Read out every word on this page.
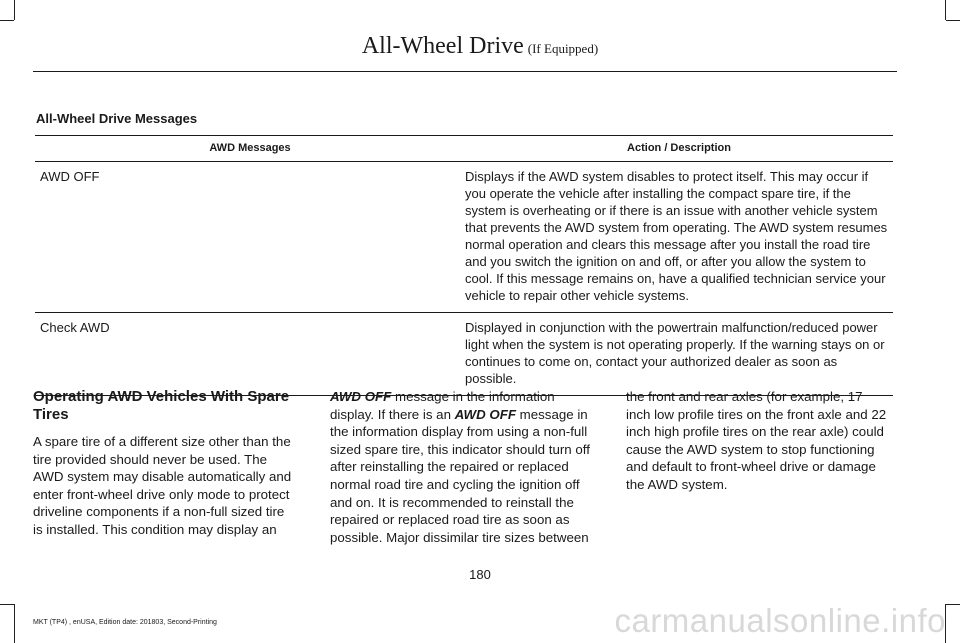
All-Wheel Drive (If Equipped)
All-Wheel Drive Messages
AWD Messages	Action / Description
AWD OFF	Displays if the AWD system disables to protect itself. This may occur if you operate the vehicle after installing the compact spare tire, if the system is overheating or if there is an issue with another vehicle system that prevents the AWD system from operating. The AWD system resumes normal operation and clears this message after you install the road tire and you switch the ignition on and off, or after you allow the system to cool. If this message remains on, have a qualified technician service your vehicle to repair other vehicle systems.
Check AWD	Displayed in conjunction with the powertrain malfunction/reduced power light when the system is not operating properly. If the warning stays on or continues to come on, contact your authorized dealer as soon as possible.
Operating AWD Vehicles With Spare Tires

A spare tire of a different size other than the tire provided should never be used. The AWD system may disable automatically and enter front-wheel drive only mode to protect driveline components if a non-full sized tire is installed. This condition may display an

AWD OFF message in the information display. If there is an AWD OFF message in the information display from using a non-full sized spare tire, this indicator should turn off after reinstalling the repaired or replaced normal road tire and cycling the ignition off and on. It is recommended to reinstall the repaired or replaced road tire as soon as possible. Major dissimilar tire sizes between

the front and rear axles (for example, 17 inch low profile tires on the front axle and 22 inch high profile tires on the rear axle) could cause the AWD system to stop functioning and default to front-wheel drive or damage the AWD system.

180
MKT (TP4) , enUSA, Edition date: 201803, Second-Printing	carmanualsonline.info
